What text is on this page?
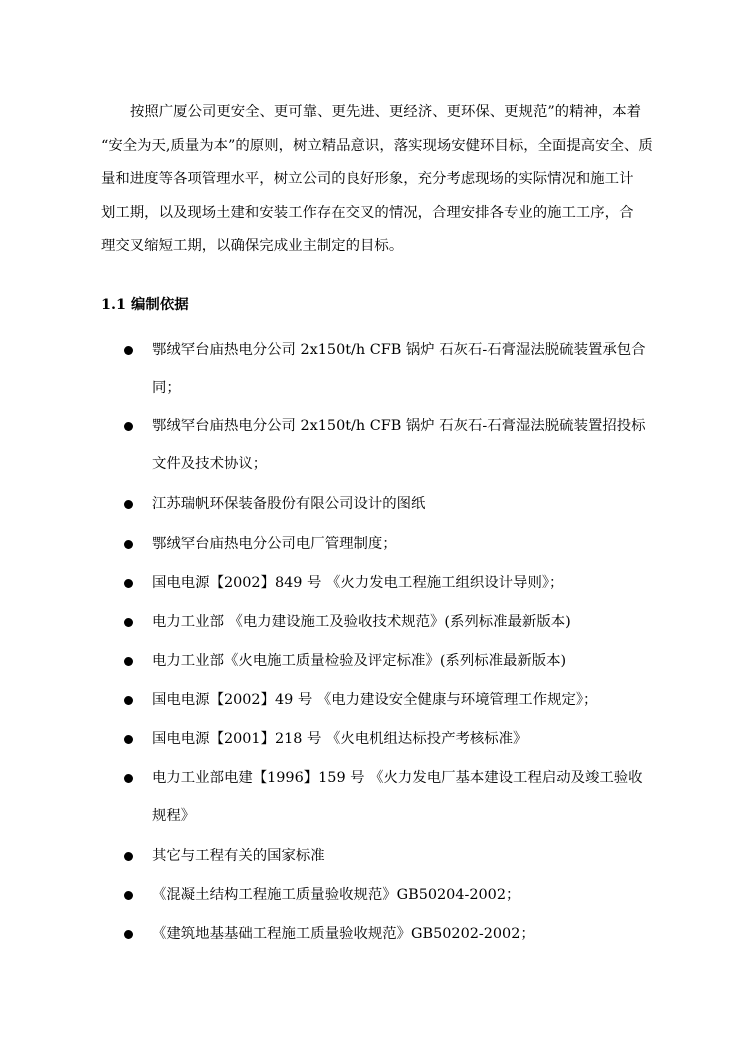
按照广厦公司更安全、更可靠、更先进、更经济、更环保、更规范”的精神，本着
“安全为天,质量为本”的原则，树立精品意识，落实现场安健环目标，全面提高安全、质
量和进度等各项管理水平，树立公司的良好形象，充分考虑现场的实际情况和施工计
划工期，以及现场土建和安装工作存在交叉的情况，合理安排各专业的施工工序，合
理交叉缩短工期，以确保完成业主制定的目标。

1.1 编制依据
鄂绒罕台庙热电分公司 2x150t/h CFB 锅炉 石灰石-石膏湿法脱硫装置承包合
同；
鄂绒罕台庙热电分公司 2x150t/h CFB 锅炉 石灰石-石膏湿法脱硫装置招投标
文件及技术协议；
江苏瑞帆环保装备股份有限公司设计的图纸
鄂绒罕台庙热电分公司电厂管理制度；
国电电源【2002】849 号 《火力发电工程施工组织设计导则》；
电力工业部 《电力建设施工及验收技术规范》(系列标准最新版本)
电力工业部《火电施工质量检验及评定标准》(系列标准最新版本)
国电电源【2002】49 号 《电力建设安全健康与环境管理工作规定》；
国电电源【2001】218 号 《火电机组达标投产考核标准》
电力工业部电建【1996】159 号 《火力发电厂基本建设工程启动及竣工验收
规程》
其它与工程有关的国家标准
《混凝土结构工程施工质量验收规范》GB50204-2002；
《建筑地基基础工程施工质量验收规范》GB50202-2002；
